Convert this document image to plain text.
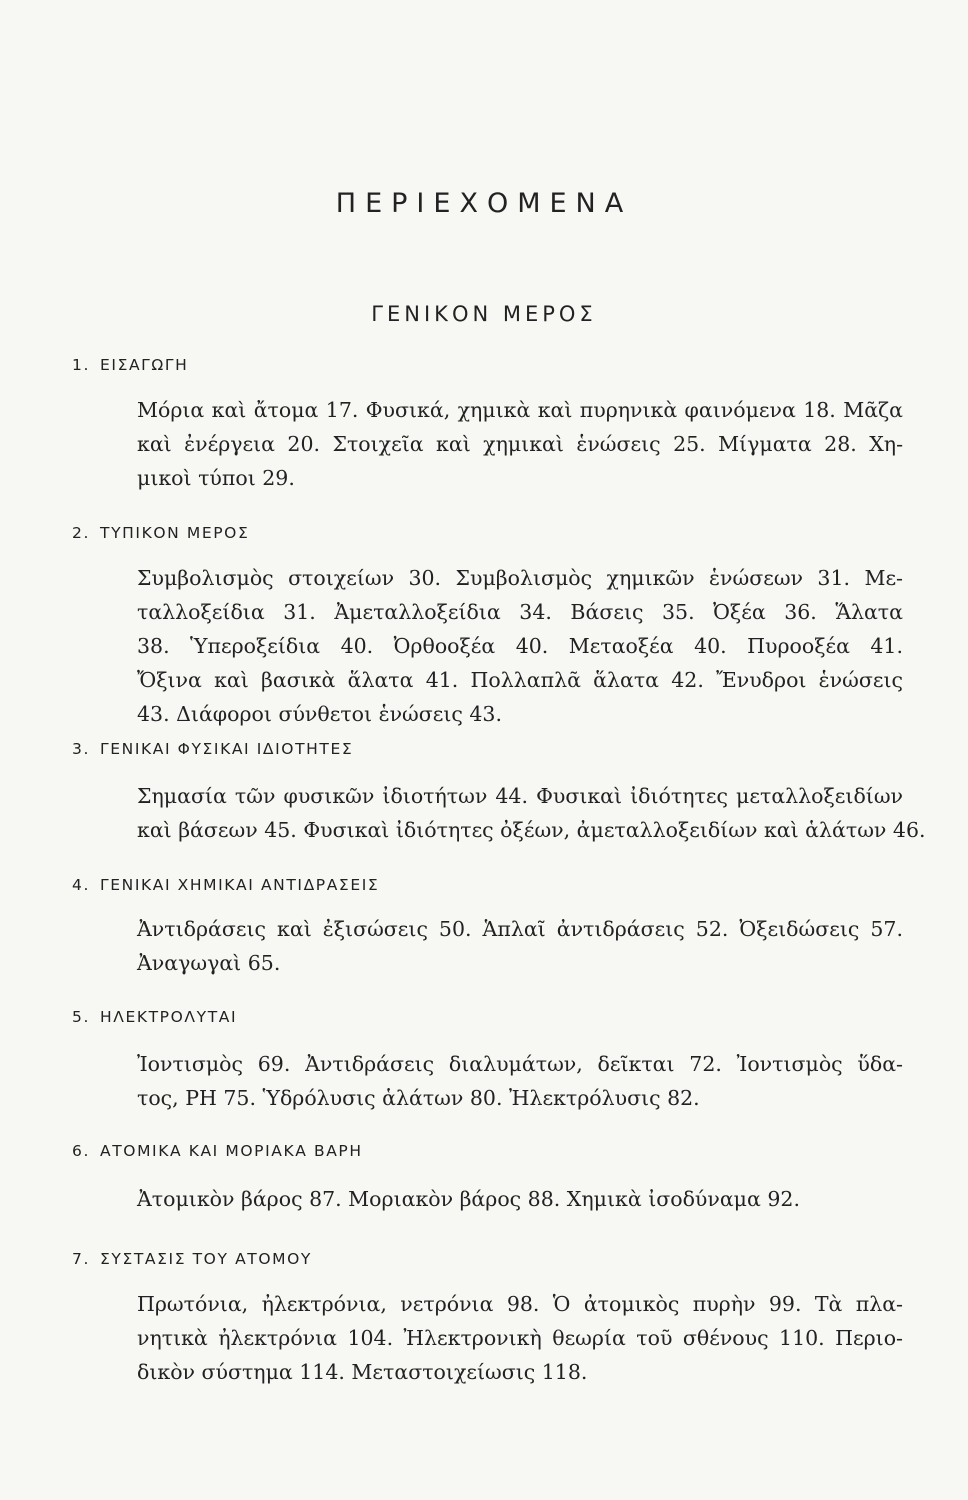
ΠΕΡΙΕΧΟΜΕΝΑ
ΓΕΝΙΚΟΝ ΜΕΡΟΣ
1. ΕΙΣΑΓΩΓΗ
Μόρια καὶ ἄτομα 17. Φυσικά, χημικὰ καὶ πυρηνικὰ φαινόμενα 18. Μᾶζα
καὶ ἐνέργεια 20. Στοιχεῖα καὶ χημικαὶ ἑνώσεις 25. Μίγματα 28. Χη-
μικοὶ τύποι 29.
2. ΤΥΠΙΚΟΝ ΜΕΡΟΣ
Συμβολισμὸς στοιχείων 30. Συμβολισμὸς χημικῶν ἑνώσεων 31. Με-
ταλλοξείδια 31. Ἀμεταλλοξείδια 34. Βάσεις 35. Ὀξέα 36. Ἅλατα
38. Ὑπεροξείδια 40. Ὀρθοοξέα 40. Μεταοξέα 40. Πυροοξέα 41.
Ὄξινα καὶ βασικὰ ἅλατα 41. Πολλαπλᾶ ἅλατα 42. Ἔνυδροι ἑνώσεις
43. Διάφοροι σύνθετοι ἑνώσεις 43.
3. ΓΕΝΙΚΑΙ ΦΥΣΙΚΑΙ ΙΔΙΟΤΗΤΕΣ
Σημασία τῶν φυσικῶν ἰδιοτήτων 44. Φυσικαὶ ἰδιότητες μεταλλοξειδίων
καὶ βάσεων 45. Φυσικαὶ ἰδιότητες ὀξέων, ἀμεταλλοξειδίων καὶ ἁλάτων 46.
4. ΓΕΝΙΚΑΙ ΧΗΜΙΚΑΙ ΑΝΤΙΔΡΑΣΕΙΣ
Ἀντιδράσεις καὶ ἐξισώσεις 50. Ἁπλαῖ ἀντιδράσεις 52. Ὀξειδώσεις 57.
Ἀναγωγαὶ 65.
5. ΗΛΕΚΤΡΟΛΥΤΑΙ
Ἰοντισμὸς 69. Ἀντιδράσεις διαλυμάτων, δεῖκται 72. Ἰοντισμὸς ὕδα-
τος, PH 75. Ὑδρόλυσις ἁλάτων 80. Ἠλεκτρόλυσις 82.
6. ΑΤΟΜΙΚΑ ΚΑΙ ΜΟΡΙΑΚΑ ΒΑΡΗ
Ἀτομικὸν βάρος 87. Μοριακὸν βάρος 88. Χημικὰ ἰσοδύναμα 92.
7. ΣΥΣΤΑΣΙΣ ΤΟΥ ΑΤΟΜΟΥ
Πρωτόνια, ἠλεκτρόνια, νετρόνια 98. Ὁ ἀτομικὸς πυρὴν 99. Τὰ πλα-
νητικὰ ἠλεκτρόνια 104. Ἠλεκτρονικὴ θεωρία τοῦ σθένους 110. Περιο-
δικὸν σύστημα 114. Μεταστοιχείωσις 118.
